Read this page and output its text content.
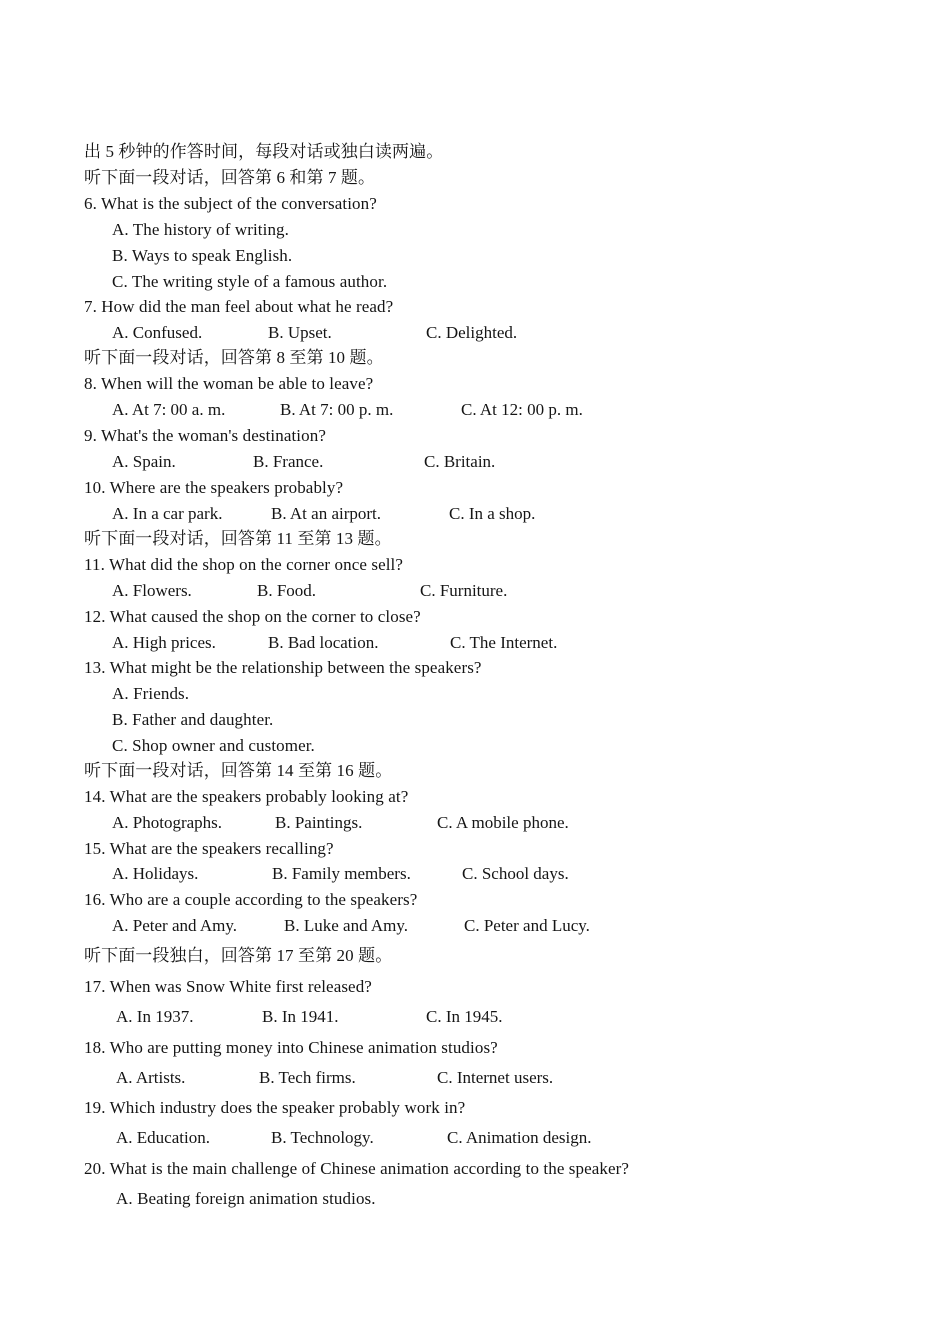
出 5 秒钟的作答时间，每段对话或独白读两遍。
听下面一段对话，回答第 6 和第 7 题。
6. What is the subject of the conversation?
A. The history of writing.
B. Ways to speak English.
C. The writing style of a famous author.
7. How did the man feel about what he read?
A. Confused.	B. Upset.	C. Delighted.
听下面一段对话，回答第 8 至第 10 题。
8. When will the woman be able to leave?
A. At 7: 00 a. m.	B. At 7: 00 p. m.	C. At 12: 00 p. m.
9. What's the woman's destination?
A. Spain.	B. France.	C. Britain.
10. Where are the speakers probably?
A. In a car park.	B. At an airport.	C. In a shop.
听下面一段对话，回答第 11 至第 13 题。
11. What did the shop on the corner once sell?
A. Flowers.	B. Food.	C. Furniture.
12. What caused the shop on the corner to close?
A. High prices.	B. Bad location.	C. The Internet.
13. What might be the relationship between the speakers?
A. Friends.
B. Father and daughter.
C. Shop owner and customer.
听下面一段对话，回答第 14 至第 16 题。
14. What are the speakers probably looking at?
A. Photographs.	B. Paintings.	C. A mobile phone.
15. What are the speakers recalling?
A. Holidays.	B. Family members.	C. School days.
16. Who are a couple according to the speakers?
A. Peter and Amy.	B. Luke and Amy.	C. Peter and Lucy.
听下面一段独白，回答第 17 至第 20 题。
17. When was Snow White first released?
A. In 1937.	B. In 1941.	C. In 1945.
18. Who are putting money into Chinese animation studios?
A. Artists.	B. Tech firms.	C. Internet users.
19. Which industry does the speaker probably work in?
A. Education.	B. Technology.	C. Animation design.
20. What is the main challenge of Chinese animation according to the speaker?
A. Beating foreign animation studios.
